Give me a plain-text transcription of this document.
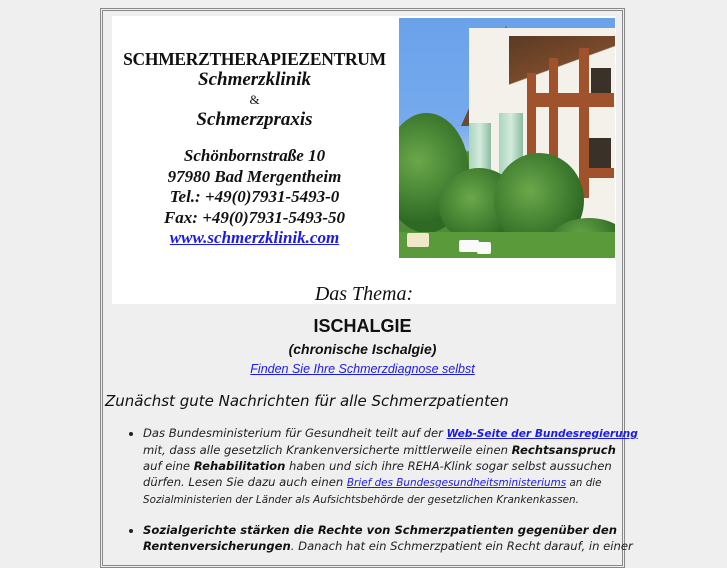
SCHMERZTHERAPIEZENTRUM
Schmerzklinik
&
Schmerzpraxis
Schönbornstraße 10
97980 Bad Mergentheim
Tel.: +49(0)7931-5493-0
Fax: +49(0)7931-5493-50
www.schmerzklinik.com
Das Thema:
ISCHALGIE
(chronische Ischalgie)
Finden Sie Ihre Schmerzdiagnose selbst
Zunächst gute Nachrichten für alle Schmerzpatienten
• Das Bundesministerium für Gesundheit teilt auf der Web-Seite der Bundesregierung mit, dass alle gesetzlich Krankenversicherte mittlerweile einen Rechtsanspruch auf eine Rehabilitation haben und sich ihre REHA-Klink sogar selbst aussuchen dürfen. Lesen Sie dazu auch einen Brief des Bundesgesundheitsministeriums an die Sozialministerien der Länder als Aufsichtsbehörde der gesetzlichen Krankenkassen.
• Sozialgerichte stärken die Rechte von Schmerzpatienten gegenüber den Rentenversicherungen. Danach hat ein Schmerzpatient ein Recht darauf, in einer
